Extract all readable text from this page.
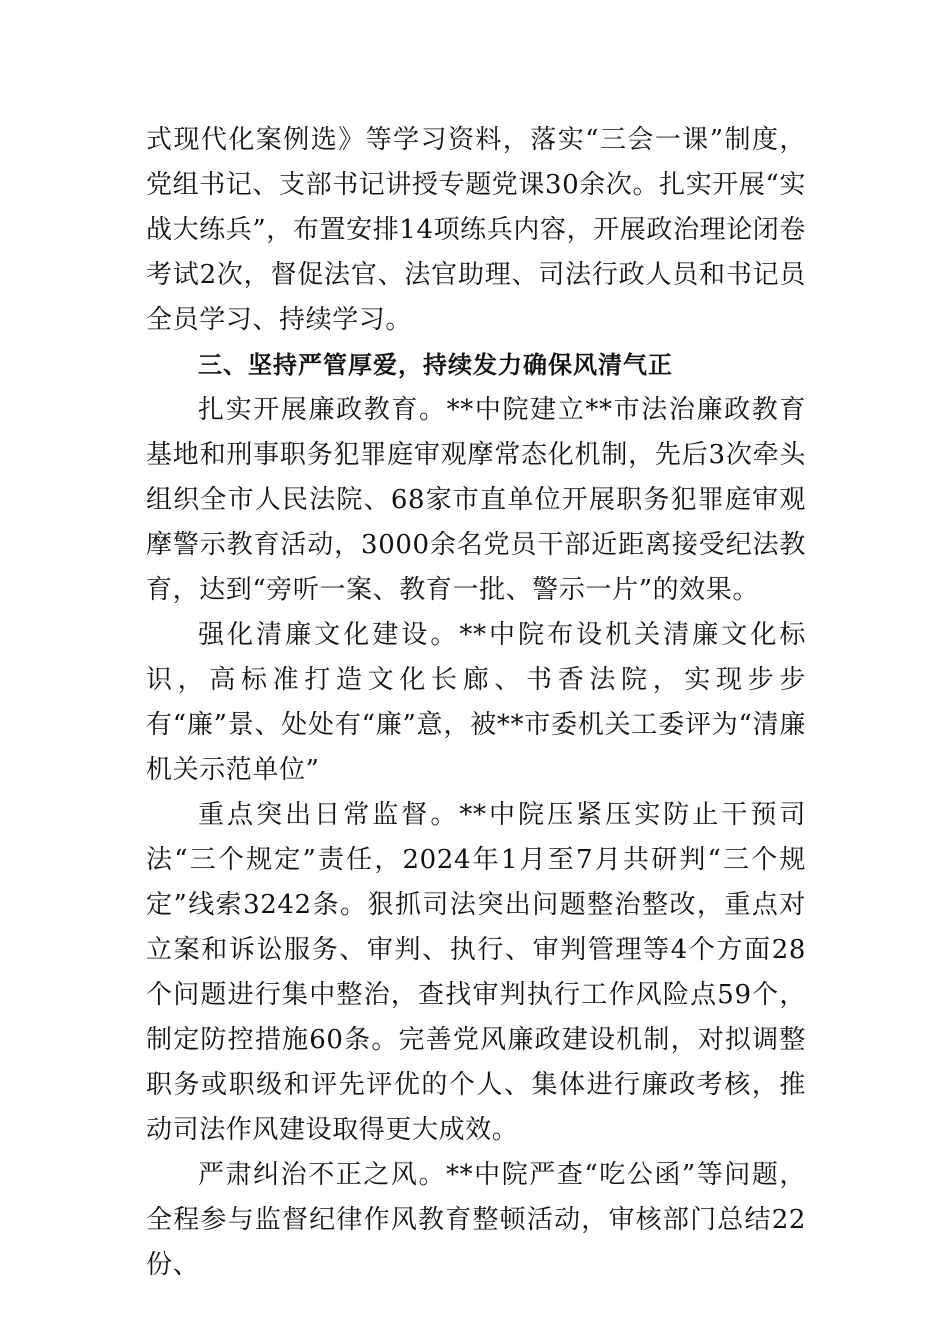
式现代化案例选》等学习资料，落实“三会一课”制度，党组书记、支部书记讲授专题党课30余次。扎实开展“实战大练兵”，布置安排14项练兵内容，开展政治理论闭卷考试2次，督促法官、法官助理、司法行政人员和书记员全员学习、持续学习。

三、坚持严管厚爱，持续发力确保风清气正

扎实开展廉政教育。**中院建立**市法治廉政教育基地和刑事职务犯罪庭审观摩常态化机制，先后3次牵头组织全市人民法院、68家市直单位开展职务犯罪庭审观摩警示教育活动，3000余名党员干部近距离接受纪法教育，达到“旁听一案、教育一批、警示一片”的效果。

强化清廉文化建设。**中院布设机关清廉文化标识，高标准打造文化长廊、书香法院，实现步步有“廉”景、处处有“廉”意，被**市委机关工委评为“清廉机关示范单位”

重点突出日常监督。**中院压紧压实防止干预司法“三个规定”责任，2024年1月至7月共研判“三个规定”线索3242条。狠抓司法突出问题整治整改，重点对立案和诉讼服务、审判、执行、审判管理等4个方面28个问题进行集中整治，查找审判执行工作风险点59个，制定防控措施60条。完善党风廉政建设机制，对拟调整职务或职级和评先评优的个人、集体进行廉政考核，推动司法作风建设取得更大成效。

严肃纠治不正之风。**中院严查“吃公函”等问题，全程参与监督纪律作风教育整顿活动，审核部门总结22份、
